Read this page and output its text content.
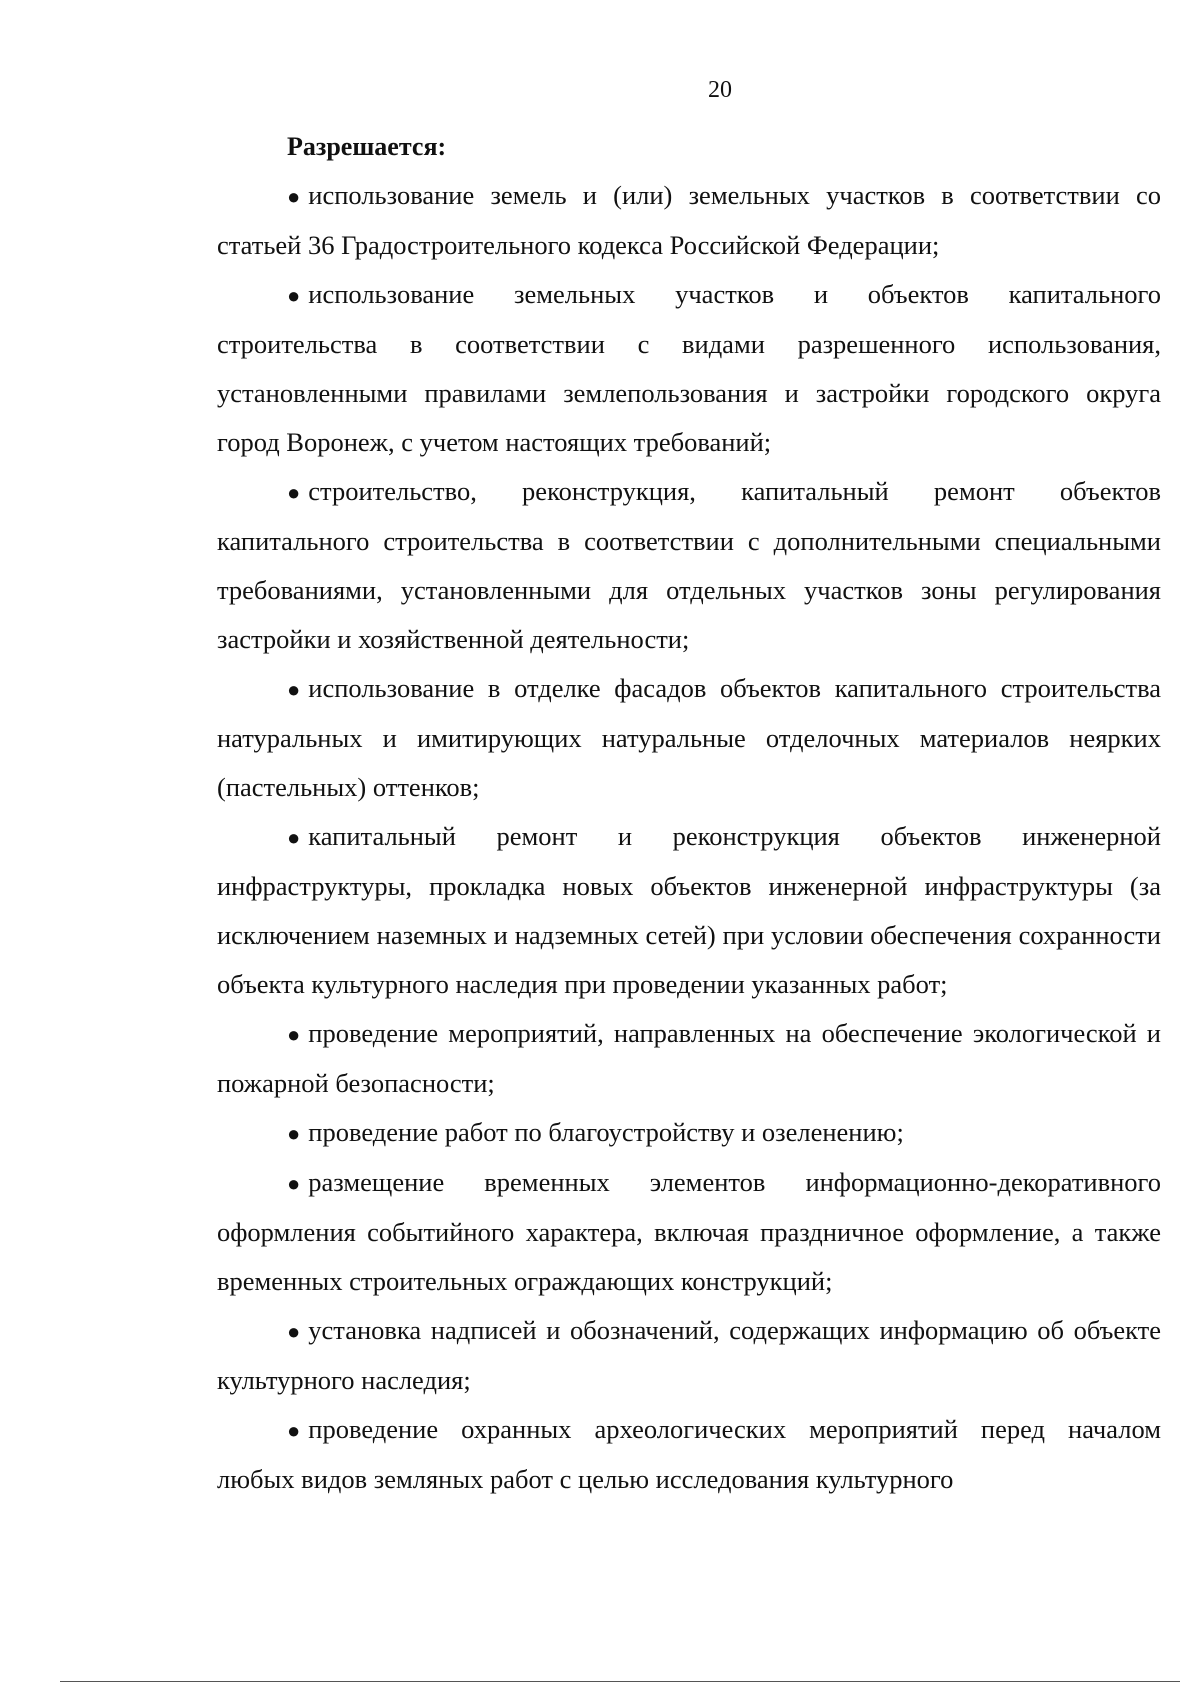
20

Разрешается:

● использование земель и (или) земельных участков в соответствии со статьей 36 Градостроительного кодекса Российской Федерации;

● использование земельных участков и объектов капитального строительства в соответствии с видами разрешенного использования, установленными правилами землепользования и застройки городского округа город Воронеж, с учетом настоящих требований;

● строительство, реконструкция, капитальный ремонт объектов капитального строительства в соответствии с дополнительными специальными требованиями, установленными для отдельных участков зоны регулирования застройки и хозяйственной деятельности;

● использование в отделке фасадов объектов капитального строительства натуральных и имитирующих натуральные отделочных материалов неярких (пастельных) оттенков;

● капитальный ремонт и реконструкция объектов инженерной инфраструктуры, прокладка новых объектов инженерной инфраструктуры (за исключением наземных и надземных сетей) при условии обеспечения сохранности объекта культурного наследия при проведении указанных работ;

● проведение мероприятий, направленных на обеспечение экологической и пожарной безопасности;

● проведение работ по благоустройству и озеленению;

● размещение временных элементов информационно-декоративного оформления событийного характера, включая праздничное оформление, а также временных строительных ограждающих конструкций;

● установка надписей и обозначений, содержащих информацию об объекте культурного наследия;

● проведение охранных археологических мероприятий перед началом любых видов земляных работ с целью исследования культурного
